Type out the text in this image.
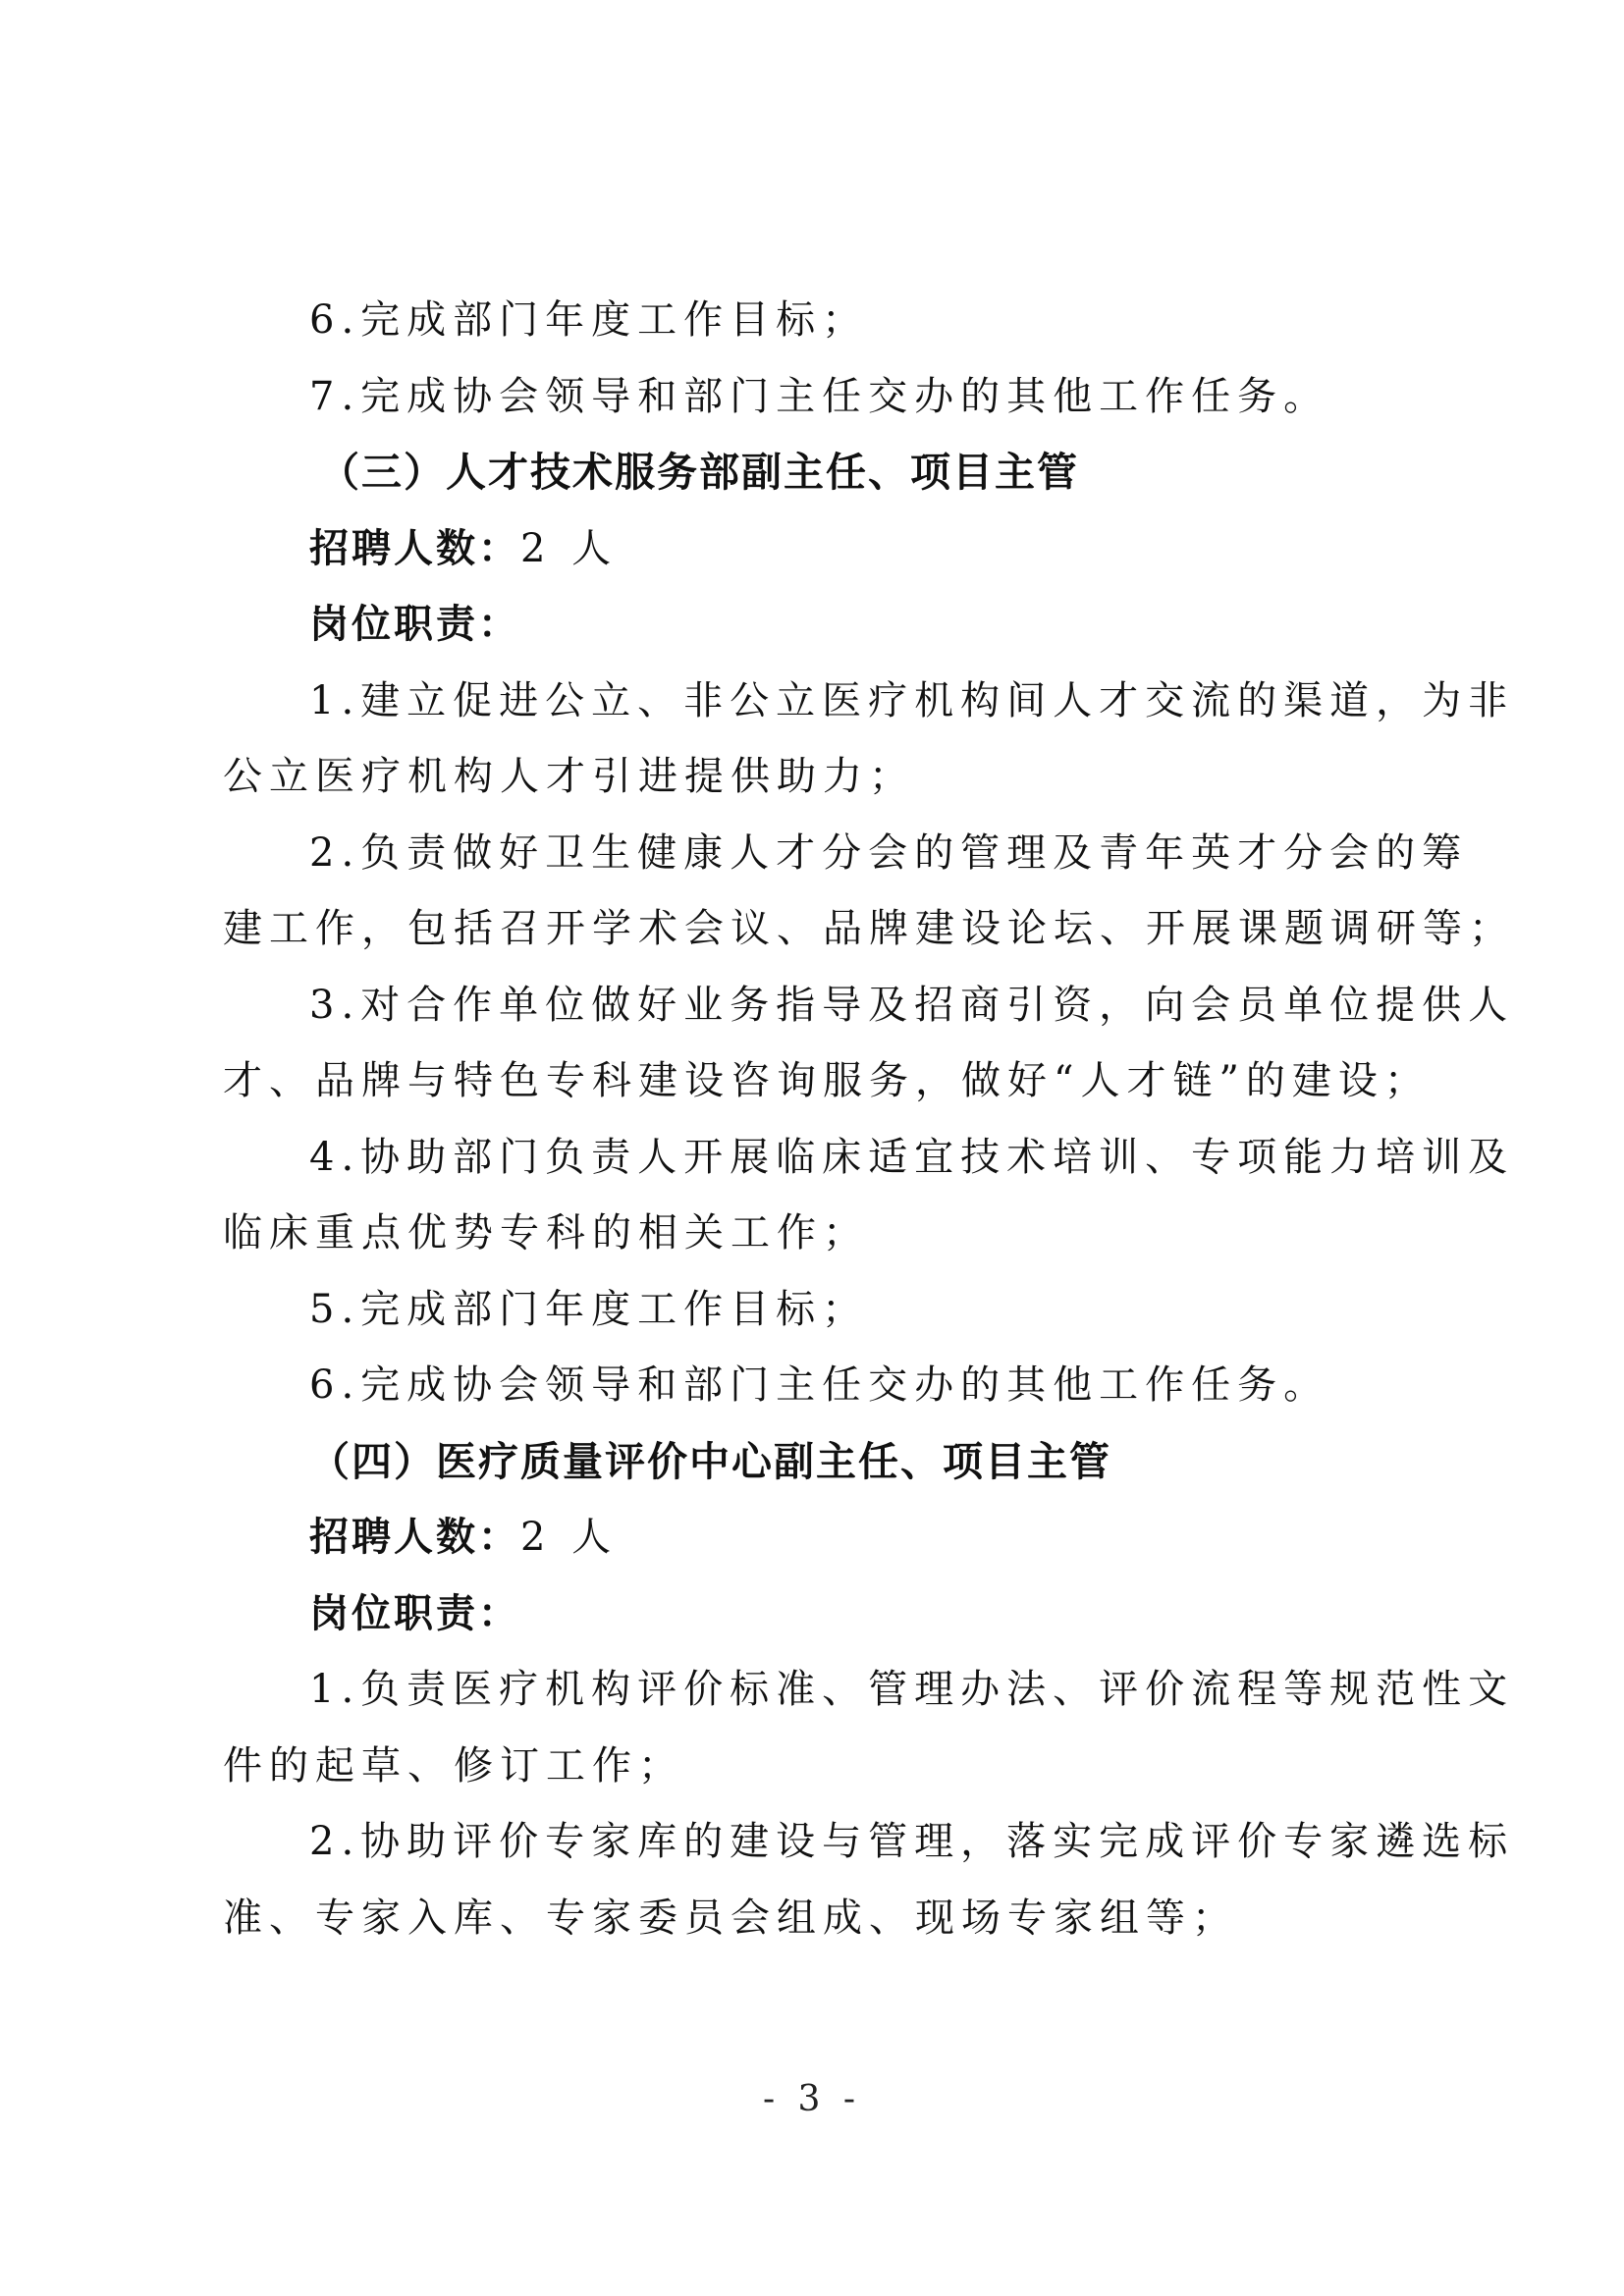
6.完成部门年度工作目标；
7.完成协会领导和部门主任交办的其他工作任务。
（三）人才技术服务部副主任、项目主管
招聘人数：2 人
岗位职责：
1.建立促进公立、非公立医疗机构间人才交流的渠道，为非
公立医疗机构人才引进提供助力；
2.负责做好卫生健康人才分会的管理及青年英才分会的筹
建工作，包括召开学术会议、品牌建设论坛、开展课题调研等；
3.对合作单位做好业务指导及招商引资，向会员单位提供人
才、品牌与特色专科建设咨询服务，做好“人才链”的建设；
4.协助部门负责人开展临床适宜技术培训、专项能力培训及
临床重点优势专科的相关工作；
5.完成部门年度工作目标；
6.完成协会领导和部门主任交办的其他工作任务。
（四）医疗质量评价中心副主任、项目主管
招聘人数：2 人
岗位职责：
1.负责医疗机构评价标准、管理办法、评价流程等规范性文
件的起草、修订工作；
2.协助评价专家库的建设与管理，落实完成评价专家遴选标
准、专家入库、专家委员会组成、现场专家组等；
- 3 -
